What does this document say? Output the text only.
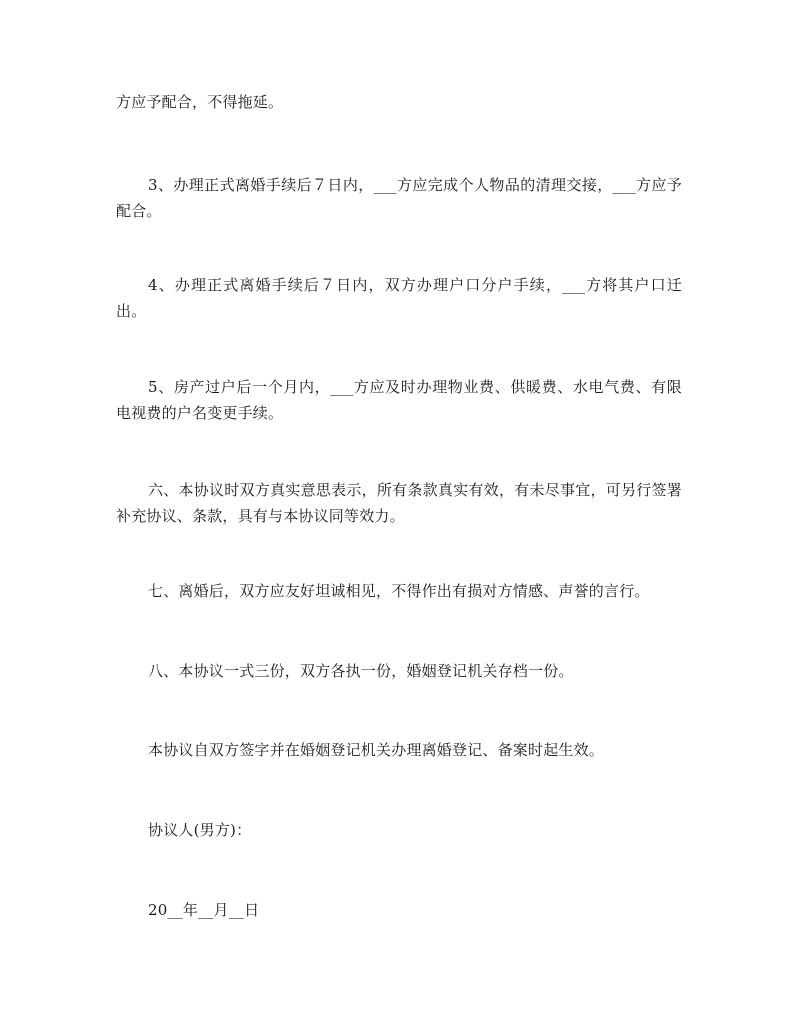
方应予配合，不得拖延。

3、办理正式离婚手续后７日内，___方应完成个人物品的清理交接，___方应予配合。

4、办理正式离婚手续后７日内，双方办理户口分户手续，___方将其户口迁出。

5、房产过户后一个月内，___方应及时办理物业费、供暖费、水电气费、有限电视费的户名变更手续。

六、本协议时双方真实意思表示，所有条款真实有效，有未尽事宜，可另行签署补充协议、条款，具有与本协议同等效力。

七、离婚后，双方应友好坦诚相见，不得作出有损对方情感、声誉的言行。

八、本协议一式三份，双方各执一份，婚姻登记机关存档一份。

本协议自双方签字并在婚姻登记机关办理离婚登记、备案时起生效。

协议人(男方)：

20__年__月__日
